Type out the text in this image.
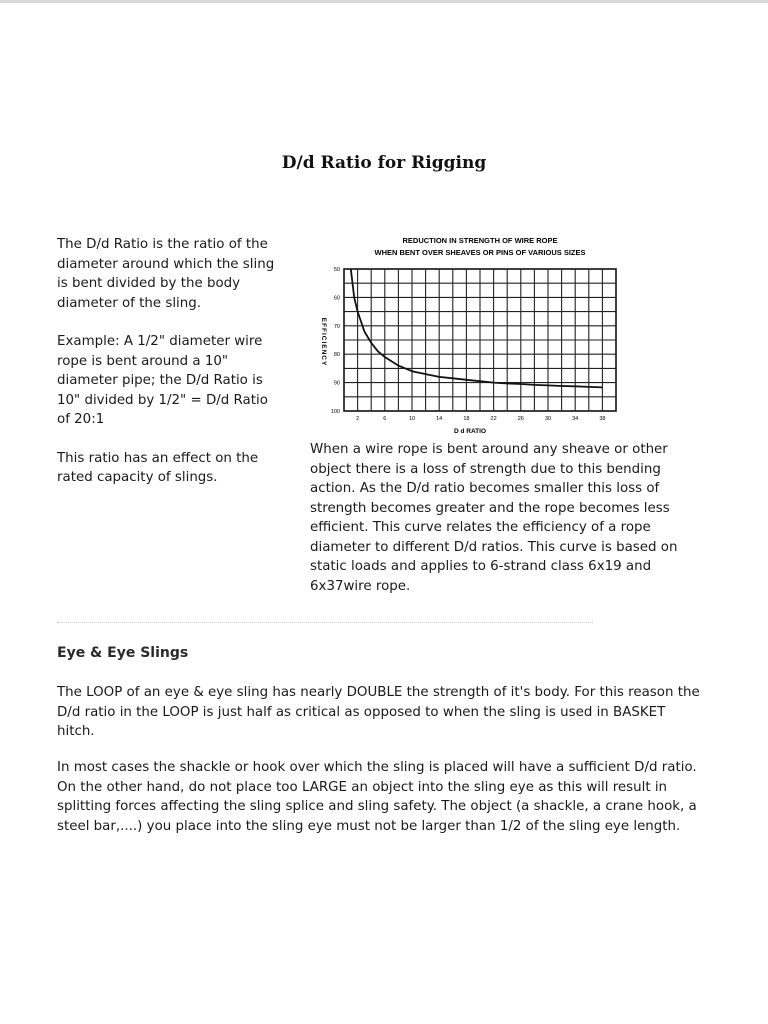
D/d Ratio for Rigging

The D/d Ratio is the ratio of the diameter around which the sling is bent divided by the body diameter of the sling.

Example: A 1/2" diameter wire rope is bent around a 10" diameter pipe; the D/d Ratio is 10" divided by 1/2" = D/d Ratio of 20:1

This ratio has an effect on the rated capacity of slings.

REDUCTION IN STRENGTH OF WIRE ROPE
WHEN BENT OVER SHEAVES OR PINS OF VARIOUS SIZES
EFFICIENCY
D d RATIO
2	6	10	14	18	22	26	30	34	38
50
60
70
80
90
100
When a wire rope is bent around any sheave or other object there is a loss of strength due to this bending action. As the D/d ratio becomes smaller this loss of strength becomes greater and the rope becomes less efficient. This curve relates the efficiency of a rope diameter to different D/d ratios. This curve is based on static loads and applies to 6-strand class 6x19 and 6x37wire rope.
Eye & Eye Slings

The LOOP of an eye & eye sling has nearly DOUBLE the strength of it's body. For this reason the D/d ratio in the LOOP is just half as critical as opposed to when the sling is used in BASKET hitch.

In most cases the shackle or hook over which the sling is placed will have a sufficient D/d ratio. On the other hand, do not place too LARGE an object into the sling eye as this will result in splitting forces affecting the sling splice and sling safety. The object (a shackle, a crane hook, a steel bar,....) you place into the sling eye must not be larger than 1/2 of the sling eye length.
